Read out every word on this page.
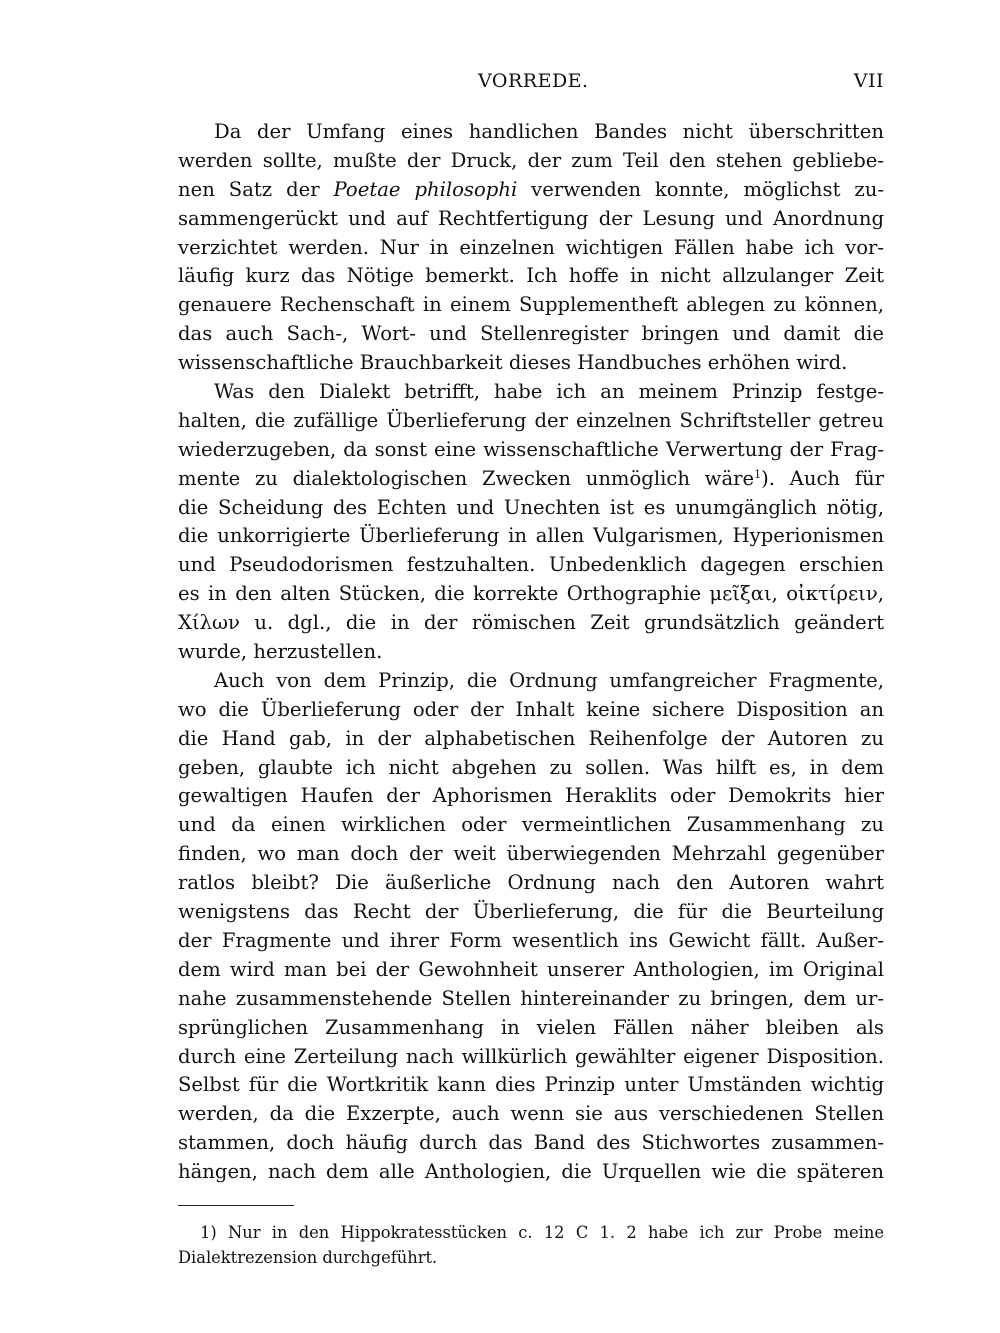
VORREDE.	VII
Da der Umfang eines handlichen Bandes nicht überschritten
werden sollte, mußte der Druck, der zum Teil den stehen gebliebe-
nen Satz der Poetae philosophi verwenden konnte, möglichst zu-
sammengerückt und auf Rechtfertigung der Lesung und Anordnung
verzichtet werden. Nur in einzelnen wichtigen Fällen habe ich vor-
läufig kurz das Nötige bemerkt. Ich hoffe in nicht allzulanger Zeit
genauere Rechenschaft in einem Supplementheft ablegen zu können,
das auch Sach-, Wort- und Stellenregister bringen und damit die
wissenschaftliche Brauchbarkeit dieses Handbuches erhöhen wird.
Was den Dialekt betrifft, habe ich an meinem Prinzip festge-
halten, die zufällige Überlieferung der einzelnen Schriftsteller getreu
wiederzugeben, da sonst eine wissenschaftliche Verwertung der Frag-
mente zu dialektologischen Zwecken unmöglich wäre$^1$). Auch für
die Scheidung des Echten und Unechten ist es unumgänglich nötig,
die unkorrigierte Überlieferung in allen Vulgarismen, Hyperionismen
und Pseudodorismen festzuhalten. Unbedenklich dagegen erschien
es in den alten Stücken, die korrekte Orthographie μεῖξαι, οἰκτίρειν,
Χίλων u. dgl., die in der römischen Zeit grundsätzlich geändert
wurde, herzustellen.
Auch von dem Prinzip, die Ordnung umfangreicher Fragmente,
wo die Überlieferung oder der Inhalt keine sichere Disposition an
die Hand gab, in der alphabetischen Reihenfolge der Autoren zu
geben, glaubte ich nicht abgehen zu sollen. Was hilft es, in dem
gewaltigen Haufen der Aphorismen Heraklits oder Demokrits hier
und da einen wirklichen oder vermeintlichen Zusammenhang zu
finden, wo man doch der weit überwiegenden Mehrzahl gegenüber
ratlos bleibt? Die äußerliche Ordnung nach den Autoren wahrt
wenigstens das Recht der Überlieferung, die für die Beurteilung
der Fragmente und ihrer Form wesentlich ins Gewicht fällt. Außer-
dem wird man bei der Gewohnheit unserer Anthologien, im Original
nahe zusammenstehende Stellen hintereinander zu bringen, dem ur-
sprünglichen Zusammenhang in vielen Fällen näher bleiben als
durch eine Zerteilung nach willkürlich gewählter eigener Disposition.
Selbst für die Wortkritik kann dies Prinzip unter Umständen wichtig
werden, da die Exzerpte, auch wenn sie aus verschiedenen Stellen
stammen, doch häufig durch das Band des Stichwortes zusammen-
hängen, nach dem alle Anthologien, die Urquellen wie die späteren
1) Nur in den Hippokratesstücken c. 12 C 1. 2 habe ich zur Probe meine
Dialektrezension durchgeführt.
